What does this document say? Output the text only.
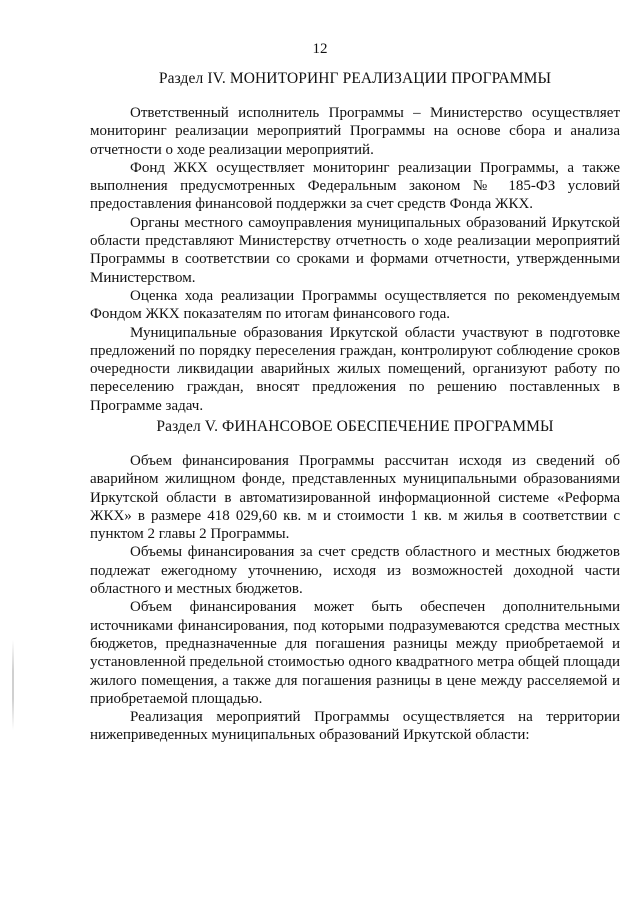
12
Раздел IV. МОНИТОРИНГ РЕАЛИЗАЦИИ ПРОГРАММЫ

Ответственный исполнитель Программы – Министерство осуществляет мониторинг реализации мероприятий Программы на основе сбора и анализа отчетности о ходе реализации мероприятий.

Фонд ЖКХ осуществляет мониторинг реализации Программы, а также выполнения предусмотренных Федеральным законом № 185-ФЗ условий предоставления финансовой поддержки за счет средств Фонда ЖКХ.

Органы местного самоуправления муниципальных образований Иркутской области представляют Министерству отчетность о ходе реализации мероприятий Программы в соответствии со сроками и формами отчетности, утвержденными Министерством.

Оценка хода реализации Программы осуществляется по рекомендуемым Фондом ЖКХ показателям по итогам финансового года.

Муниципальные образования Иркутской области участвуют в подготовке предложений по порядку переселения граждан, контролируют соблюдение сроков очередности ликвидации аварийных жилых помещений, организуют работу по переселению граждан, вносят предложения по решению поставленных в Программе задач.

Раздел V. ФИНАНСОВОЕ ОБЕСПЕЧЕНИЕ ПРОГРАММЫ

Объем финансирования Программы рассчитан исходя из сведений об аварийном жилищном фонде, представленных муниципальными образованиями Иркутской области в автоматизированной информационной системе «Реформа ЖКХ» в размере 418 029,60 кв. м и стоимости 1 кв. м жилья в соответствии с пунктом 2 главы 2 Программы.

Объемы финансирования за счет средств областного и местных бюджетов подлежат ежегодному уточнению, исходя из возможностей доходной части областного и местных бюджетов.

Объем финансирования может быть обеспечен дополнительными источниками финансирования, под которыми подразумеваются средства местных бюджетов, предназначенные для погашения разницы между приобретаемой и установленной предельной стоимостью одного квадратного метра общей площади жилого помещения, а также для погашения разницы в цене между расселяемой и приобретаемой площадью.

Реализация мероприятий Программы осуществляется на территории нижеприведенных муниципальных образований Иркутской области:
